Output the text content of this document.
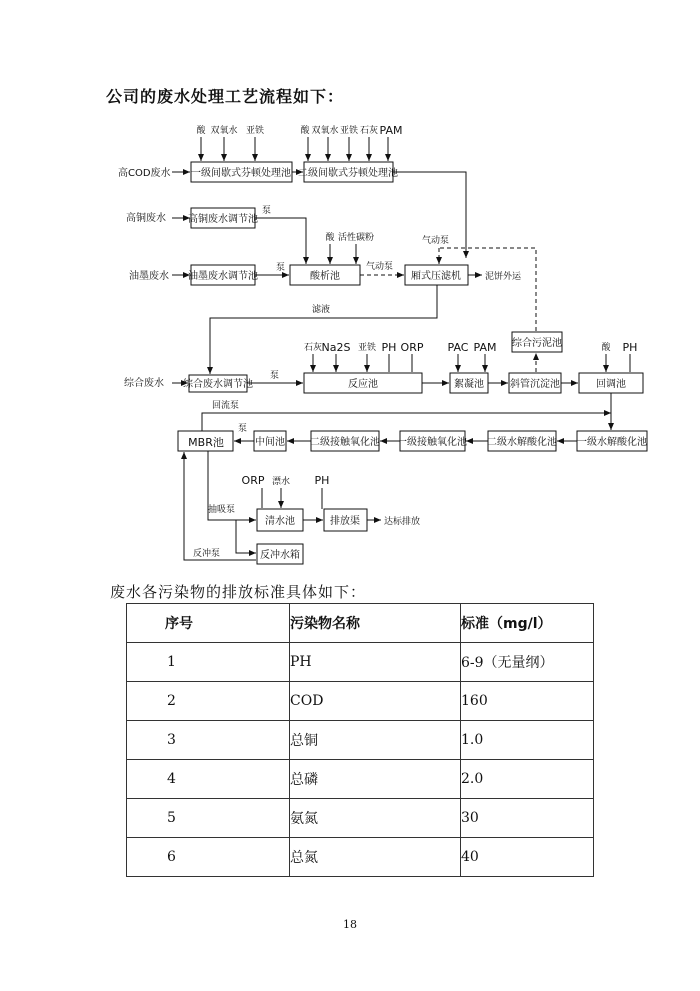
公司的废水处理工艺流程如下：
高COD废水 一级间歇式芬顿处理池 二级间歇式芬顿处理池
酸 双氧水 亚铁	酸 双氧水 亚铁 石灰 PAM
高铜废水 高铜废水调节池
泵
酸 活性碳粉
油墨废水 油墨废水调节池
泵
酸析池
气动泵
厢式压滤机	泥饼外运
气动泵
综合污泥池
滤液
综合废水 综合废水调节池
泵
反应池	絮凝池	斜管沉淀池	回调池
石灰 Na2S 亚铁 PH ORP PAC PAM	酸 PH
回流泵
一级水解酸化池
二级水解酸化池
一级接触氧化池
二级接触氧化池
中间池
泵
MBR池
抽吸泵
反冲泵
清水池
ORP 漂水
排放渠
PH
达标排放
反冲水箱
废水各污染物的排放标准具体如下：
序号	污染物名称	标准（mg/l）
1	PH	6-9（无量纲）
2	COD	160
3	总铜	1.0
4	总磷	2.0
5	氨氮	30
6	总氮	40
18
